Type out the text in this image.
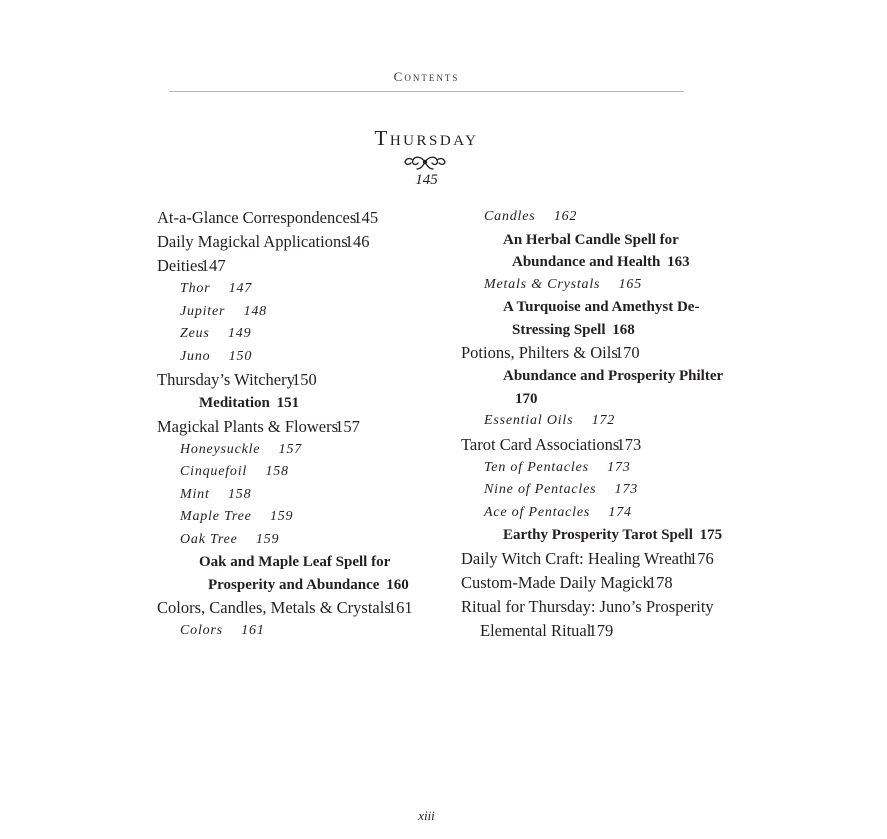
Contents
Thursday
145
At-a-Glance Correspondences 145
Daily Magickal Applications 146
Deities 147
Thor 147
Jupiter 148
Zeus 149
Juno 150
Thursday’s Witchery 150
Meditation 151
Magickal Plants & Flowers 157
Honeysuckle 157
Cinquefoil 158
Mint 158
Maple Tree 159
Oak Tree 159
Oak and Maple Leaf Spell for Prosperity and Abundance 160
Colors, Candles, Metals & Crystals 161
Colors 161
Candles 162
An Herbal Candle Spell for Abundance and Health 163
Metals & Crystals 165
A Turquoise and Amethyst De-Stressing Spell 168
Potions, Philters & Oils 170
Abundance and Prosperity Philter 170
Essential Oils 172
Tarot Card Associations 173
Ten of Pentacles 173
Nine of Pentacles 173
Ace of Pentacles 174
Earthy Prosperity Tarot Spell 175
Daily Witch Craft: Healing Wreath 176
Custom-Made Daily Magick 178
Ritual for Thursday: Juno’s Prosperity Elemental Ritual 179
xiii
